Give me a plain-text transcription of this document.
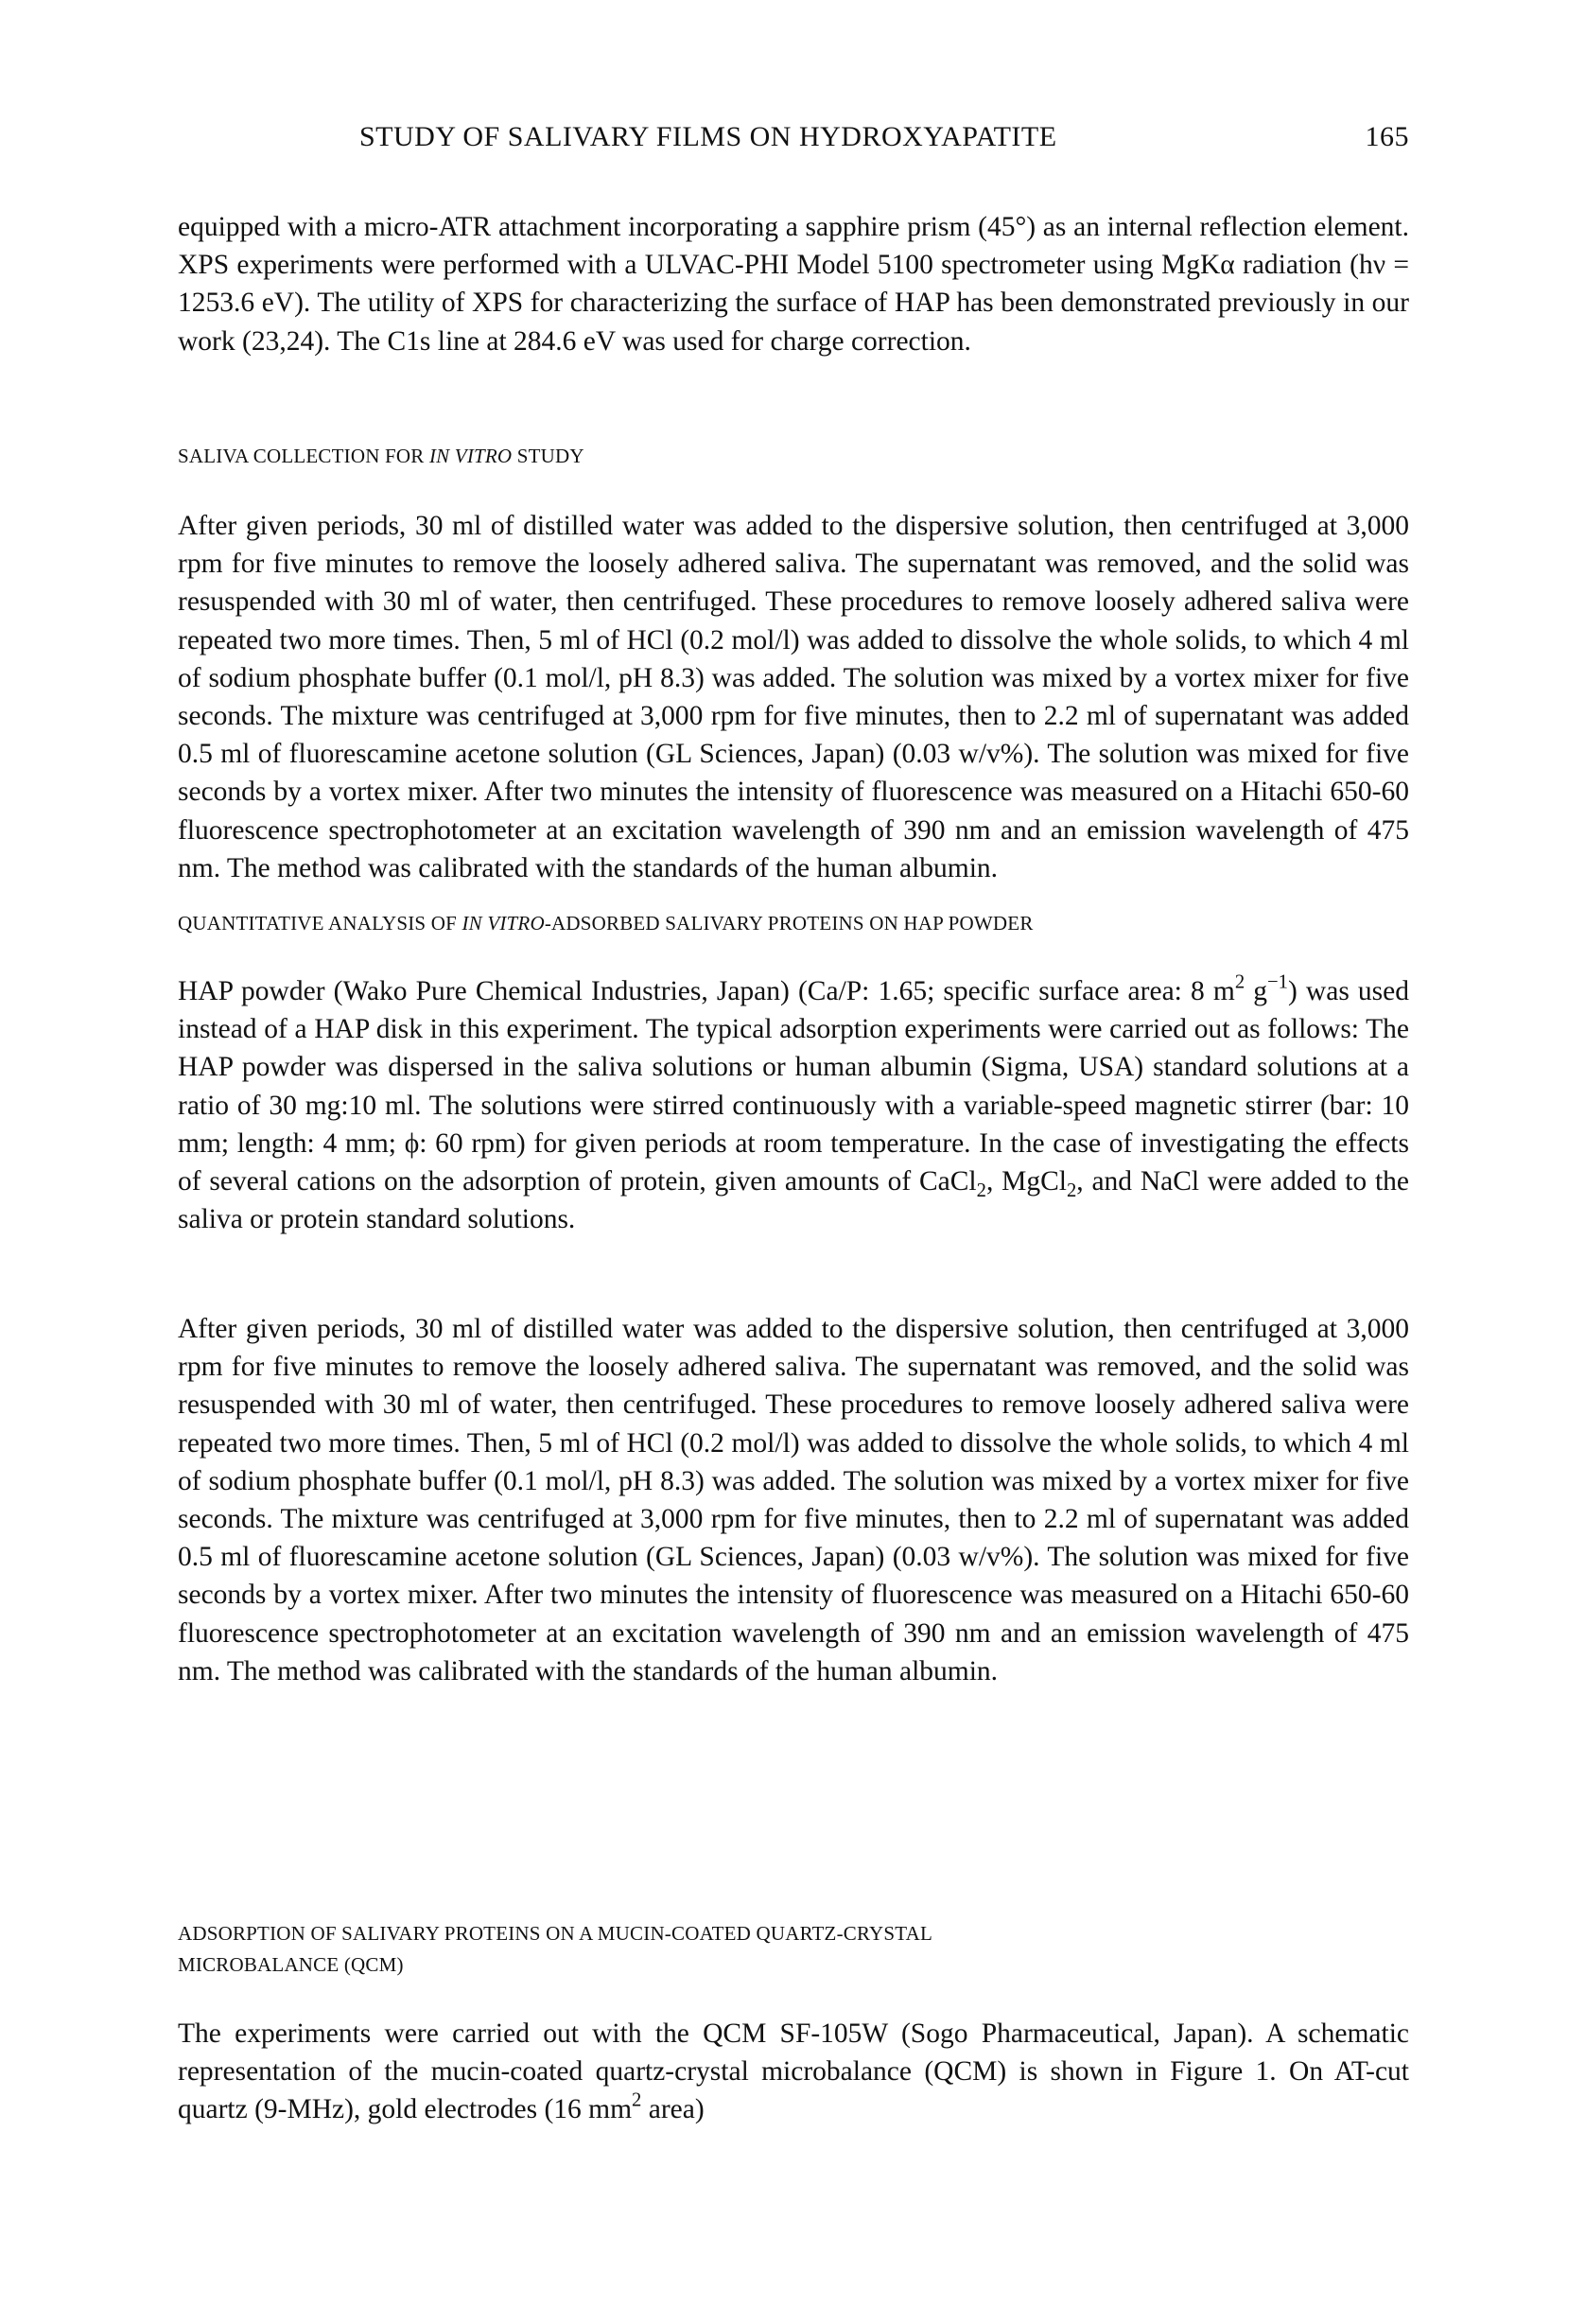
STUDY OF SALIVARY FILMS ON HYDROXYAPATITE	165

equipped with a micro-ATR attachment incorporating a sapphire prism (45°) as an internal reflection element. XPS experiments were performed with a ULVAC-PHI Model 5100 spectrometer using MgKα radiation (hν = 1253.6 eV). The utility of XPS for characterizing the surface of HAP has been demonstrated previously in our work (23,24). The C1s line at 284.6 eV was used for charge correction.

SALIVA COLLECTION FOR IN VITRO STUDY

After given periods, 30 ml of distilled water was added to the dispersive solution, then centrifuged at 3,000 rpm for five minutes to remove the loosely adhered saliva. The supernatant was removed, and the solid was resuspended with 30 ml of water, then centrifuged. These procedures to remove loosely adhered saliva were repeated two more times. Then, 5 ml of HCl (0.2 mol/l) was added to dissolve the whole solids, to which 4 ml of sodium phosphate buffer (0.1 mol/l, pH 8.3) was added. The solution was mixed by a vortex mixer for five seconds. The mixture was centrifuged at 3,000 rpm for five minutes, then to 2.2 ml of supernatant was added 0.5 ml of fluorescamine acetone solution (GL Sciences, Japan) (0.03 w/v%). The solution was mixed for five seconds by a vortex mixer. After two minutes the intensity of fluorescence was measured on a Hitachi 650-60 fluorescence spectrophotometer at an excitation wavelength of 390 nm and an emission wavelength of 475 nm. The method was calibrated with the standards of the human albumin.

QUANTITATIVE ANALYSIS OF IN VITRO-ADSORBED SALIVARY PROTEINS ON HAP POWDER

HAP powder (Wako Pure Chemical Industries, Japan) (Ca/P: 1.65; specific surface area: 8 $m^2$ $g^{-1}$) was used instead of a HAP disk in this experiment. The typical adsorption experiments were carried out as follows: The HAP powder was dispersed in the saliva solutions or human albumin (Sigma, USA) standard solutions at a ratio of 30 mg:10 ml. The solutions were stirred continuously with a variable-speed magnetic stirrer (bar: 10 mm; length: 4 mm; ϕ: 60 rpm) for given periods at room temperature. In the case of investigating the effects of several cations on the adsorption of protein, given amounts of CaCl$_2$, MgCl$_2$, and NaCl were added to the saliva or protein standard solutions.

After given periods, 30 ml of distilled water was added to the dispersive solution, then centrifuged at 3,000 rpm for five minutes to remove the loosely adhered saliva. The supernatant was removed, and the solid was resuspended with 30 ml of water, then centrifuged. These procedures to remove loosely adhered saliva were repeated two more times. Then, 5 ml of HCl (0.2 mol/l) was added to dissolve the whole solids, to which 4 ml of sodium phosphate buffer (0.1 mol/l, pH 8.3) was added. The solution was mixed by a vortex mixer for five seconds. The mixture was centrifuged at 3,000 rpm for five minutes, then to 2.2 ml of supernatant was added 0.5 ml of fluorescamine acetone solution (GL Sciences, Japan) (0.03 w/v%). The solution was mixed for five seconds by a vortex mixer. After two minutes the intensity of fluorescence was measured on a Hitachi 650-60 fluorescence spectrophotometer at an excitation wavelength of 390 nm and an emission wavelength of 475 nm. The method was calibrated with the standards of the human albumin.

ADSORPTION OF SALIVARY PROTEINS ON A MUCIN-COATED QUARTZ-CRYSTAL
MICROBALANCE (QCM)

The experiments were carried out with the QCM SF-105W (Sogo Pharmaceutical, Japan). A schematic representation of the mucin-coated quartz-crystal microbalance (QCM) is shown in Figure 1. On AT-cut quartz (9-MHz), gold electrodes (16 $mm^2$ area)
